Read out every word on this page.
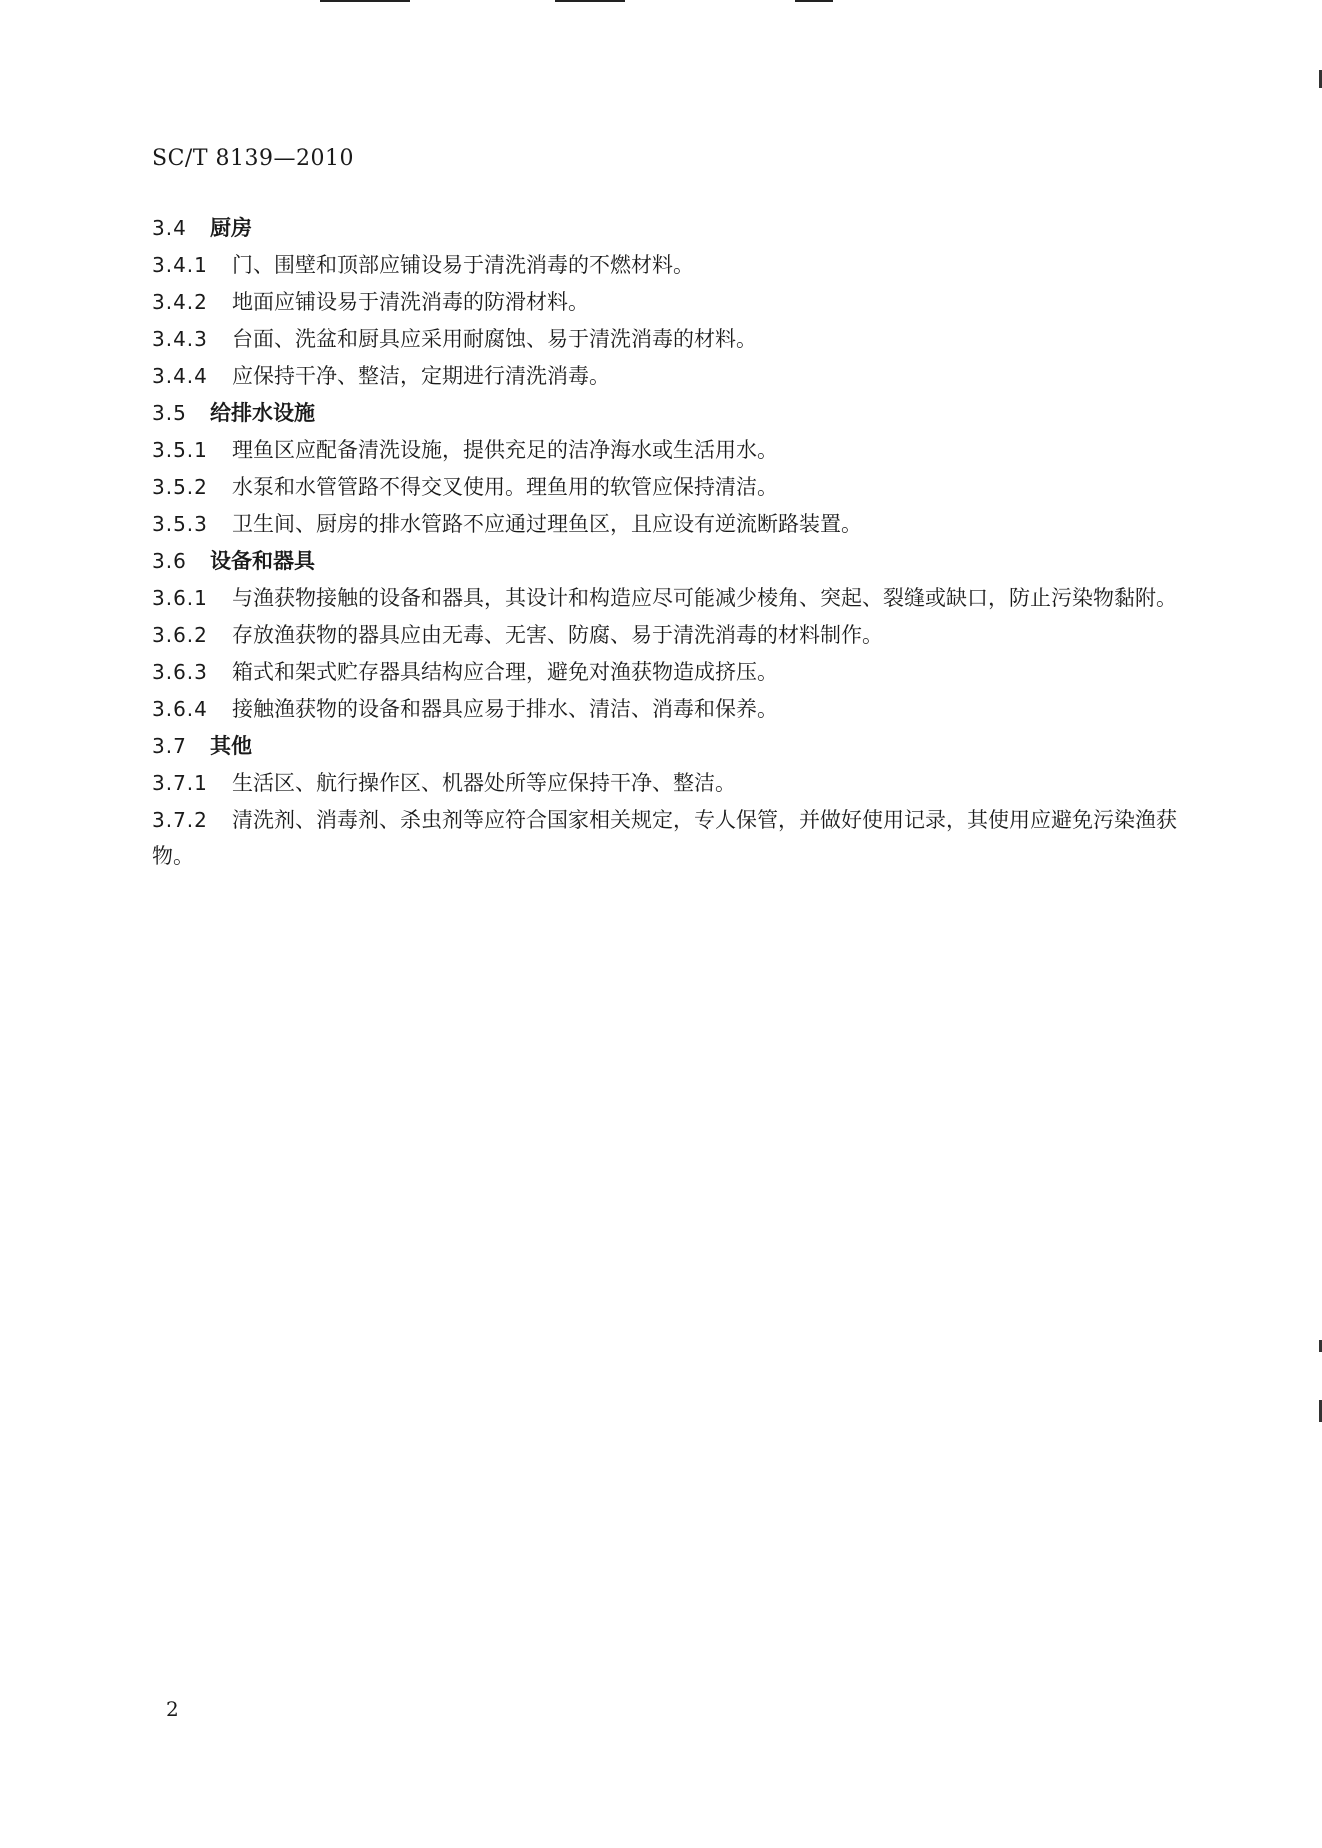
SC/T 8139—2010
3.4	厨房
3.4.1	门、围壁和顶部应铺设易于清洗消毒的不燃材料。
3.4.2	地面应铺设易于清洗消毒的防滑材料。
3.4.3	台面、洗盆和厨具应采用耐腐蚀、易于清洗消毒的材料。
3.4.4	应保持干净、整洁，定期进行清洗消毒。
3.5	给排水设施
3.5.1	理鱼区应配备清洗设施，提供充足的洁净海水或生活用水。
3.5.2	水泵和水管管路不得交叉使用。理鱼用的软管应保持清洁。
3.5.3	卫生间、厨房的排水管路不应通过理鱼区，且应设有逆流断路装置。
3.6	设备和器具
3.6.1 与渔获物接触的设备和器具，其设计和构造应尽可能减少棱角、突起、裂缝或缺口，防止污染物黏附。
3.6.2	存放渔获物的器具应由无毒、无害、防腐、易于清洗消毒的材料制作。
3.6.3	箱式和架式贮存器具结构应合理，避免对渔获物造成挤压。
3.6.4	接触渔获物的设备和器具应易于排水、清洁、消毒和保养。
3.7	其他
3.7.1	生活区、航行操作区、机器处所等应保持干净、整洁。
3.7.2 清洗剂、消毒剂、杀虫剂等应符合国家相关规定，专人保管，并做好使用记录，其使用应避免污染渔获物。
2
